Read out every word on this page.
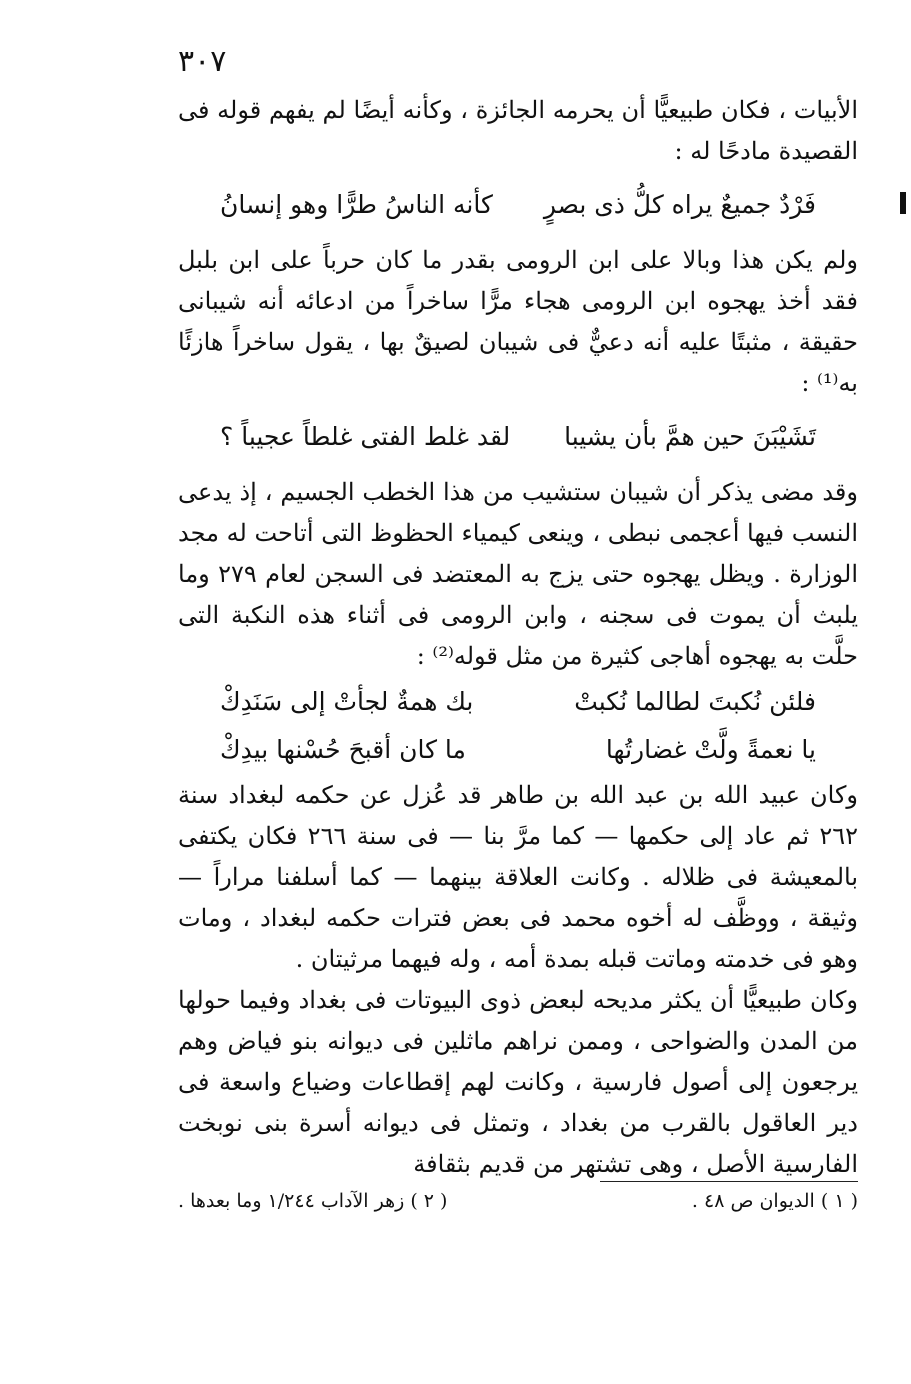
٣٠٧

الأبيات ، فكان طبيعيًّا أن يحرمه الجائزة ، وكأنه أيضًا لم يفهم قوله فى القصيدة مادحًا له :

فَرْدٌ جميعٌ يراه كلُّ ذى بصرٍ
كأنه الناسُ طرًّا وهو إنسانُ

ولم يكن هذا وبالا على ابن الرومى بقدر ما كان حرباً على ابن بلبل فقد أخذ يهجوه ابن الرومى هجاء مرًّا ساخراً من ادعائه أنه شيبانى حقيقة ، مثبتًا عليه أنه دعيٌّ فى شيبان لصيقٌ بها ، يقول ساخراً هازئًا به⁽¹⁾ :

تَشَيْبَنَ حين همَّ بأن يشيبا
لقد غلط الفتى غلطاً عجيباً ؟

وقد مضى يذكر أن شيبان ستشيب من هذا الخطب الجسيم ، إذ يدعى النسب فيها أعجمى نبطى ، وينعى كيمياء الحظوظ التى أتاحت له مجد الوزارة . ويظل يهجوه حتى يزج به المعتضد فى السجن لعام ٢٧٩ وما يلبث أن يموت فى سجنه ، وابن الرومى فى أثناء هذه النكبة التى حلَّت به يهجوه أهاجى كثيرة من مثل قوله⁽²⁾ :

فلئن نُكبتَ لطالما نُكبتْ
بك همةٌ لجأتْ إلى سَنَدِكْ
يا نعمةً ولَّتْ غضارتُها
ما كان أقبحَ حُسْنها بيدِكْ

وكان عبيد الله بن عبد الله بن طاهر قد عُزل عن حكمه لبغداد سنة ٢٦٢ ثم عاد إلى حكمها — كما مرَّ بنا — فى سنة ٢٦٦ فكان يكتفى بالمعيشة فى ظلاله . وكانت العلاقة بينهما — كما أسلفنا مراراً — وثيقة ، ووظَّف له أخوه محمد فى بعض فترات حكمه لبغداد ، ومات وهو فى خدمته وماتت قبله بمدة أمه ، وله فيهما مرثيتان .

وكان طبيعيًّا أن يكثر مديحه لبعض ذوى البيوتات فى بغداد وفيما حولها من المدن والضواحى ، وممن نراهم ماثلين فى ديوانه بنو فياض وهم يرجعون إلى أصول فارسية ، وكانت لهم إقطاعات وضياع واسعة فى دير العاقول بالقرب من بغداد ، وتمثل فى ديوانه أسرة بنى نوبخت الفارسية الأصل ، وهى تشتهر من قديم بثقافة

( ١ ) الديوان ص ٤٨ .
( ٢ ) زهر الآداب ١/٢٤٤ وما بعدها .
